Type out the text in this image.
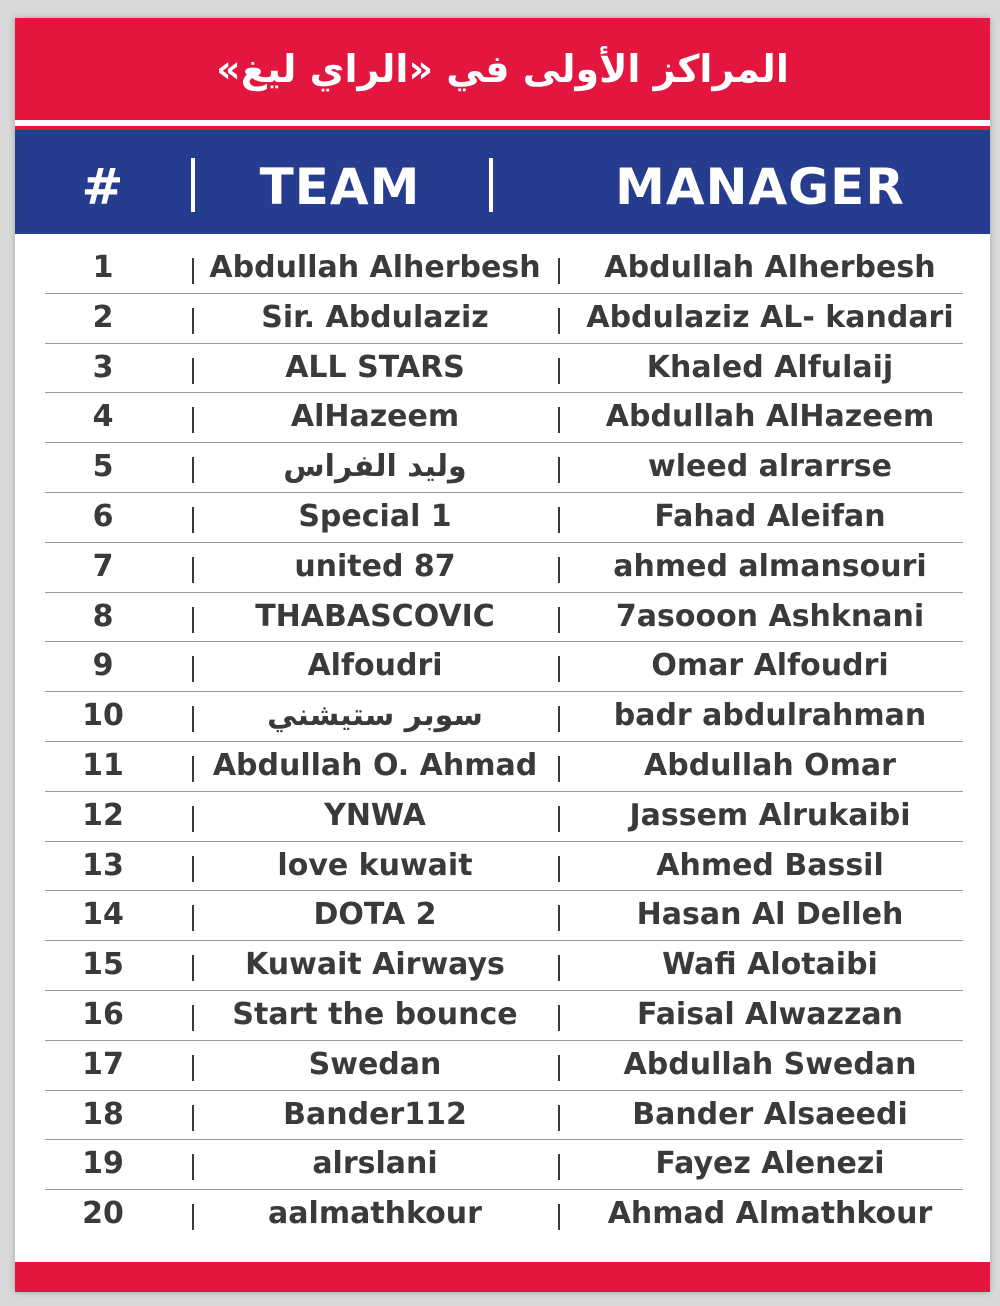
المراكز الأولى في «الراي ليغ»
#	TEAM	MANAGER
1	Abdullah Alherbesh	Abdullah Alherbesh
2	Sir. Abdulaziz	Abdulaziz AL- kandari
3	ALL STARS	Khaled Alfulaij
4	AlHazeem	Abdullah AlHazeem
5	وليد الفراس	wleed alrarrse
6	Special 1	Fahad Aleifan
7	united 87	ahmed almansouri
8	THABASCOVIC	7asooon Ashknani
9	Alfoudri	Omar Alfoudri
10	سوبر ستيشني	badr abdulrahman
11	Abdullah O. Ahmad	Abdullah Omar
12	YNWA	Jassem Alrukaibi
13	love kuwait	Ahmed Bassil
14	DOTA 2	Hasan Al Delleh
15	Kuwait Airways	Wafi Alotaibi
16	Start the bounce	Faisal Alwazzan
17	Swedan	Abdullah Swedan
18	Bander112	Bander Alsaeedi
19	alrslani	Fayez Alenezi
20	aalmathkour	Ahmad Almathkour
